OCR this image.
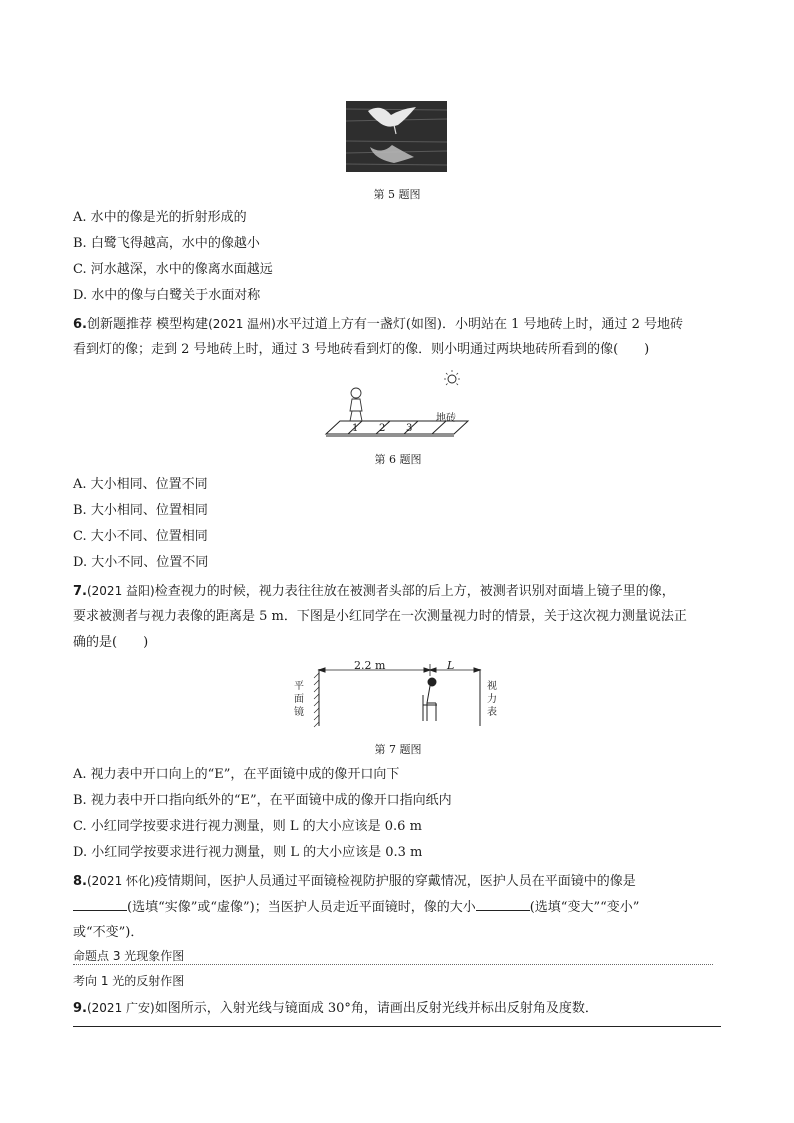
第 5 题图
A. 水中的像是光的折射形成的
B. 白鹭飞得越高，水中的像越小
C. 河水越深，水中的像离水面越远
D. 水中的像与白鹭关于水面对称
6.创新题推荐 模型构建(2021 温州)水平过道上方有一盏灯(如图)．小明站在 1 号地砖上时，通过 2 号地砖
看到灯的像；走到 2 号地砖上时，通过 3 号地砖看到灯的像．则小明通过两块地砖所看到的像(　　)
1 2 3
地砖
第 6 题图
A. 大小相同、位置不同
B. 大小相同、位置相同
C. 大小不同、位置相同
D. 大小不同、位置不同
7.(2021 益阳)检查视力的时候，视力表往往放在被测者头部的后上方，被测者识别对面墙上镜子里的像，
要求被测者与视力表像的距离是 5 m．下图是小红同学在一次测量视力时的情景，关于这次视力测量说法正
确的是(　　)
2.2 m	L
平
面
镜
视
力
表
第 7 题图
A. 视力表中开口向上的“E”，在平面镜中成的像开口向下
B. 视力表中开口指向纸外的“E”，在平面镜中成的像开口指向纸内
C. 小红同学按要求进行视力测量，则 L 的大小应该是 0.6 m
D. 小红同学按要求进行视力测量，则 L 的大小应该是 0.3 m
8.(2021 怀化)疫情期间，医护人员通过平面镜检视防护服的穿戴情况，医护人员在平面镜中的像是
(选填“实像”或“虚像”)；当医护人员走近平面镜时，像的大小	(选填“变大”“变小”
或“不变”)．
命题点 3 光现象作图
考向 1 光的反射作图
9.(2021 广安)如图所示，入射光线与镜面成 30°角，请画出反射光线并标出反射角及度数．
